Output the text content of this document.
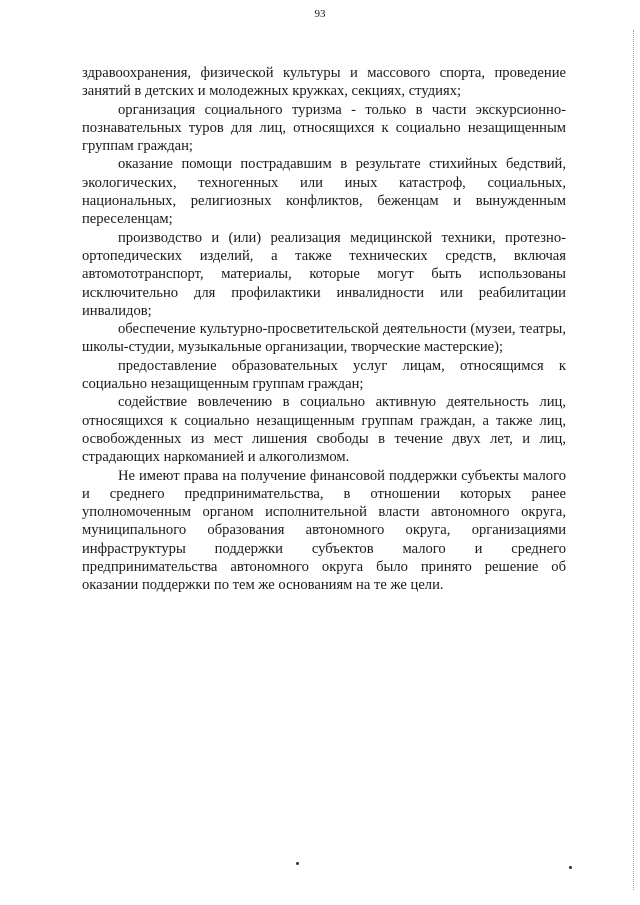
93

здравоохранения, физической культуры и массового спорта, проведение занятий в детских и молодежных кружках, секциях, студиях;

организация социального туризма - только в части экскурсионно-познавательных туров для лиц, относящихся к социально незащищенным группам граждан;

оказание помощи пострадавшим в результате стихийных бедствий, экологических, техногенных или иных катастроф, социальных, национальных, религиозных конфликтов, беженцам и вынужденным переселенцам;

производство и (или) реализация медицинской техники, протезно-ортопедических изделий, а также технических средств, включая автомототранспорт, материалы, которые могут быть использованы исключительно для профилактики инвалидности или реабилитации инвалидов;

обеспечение культурно-просветительской деятельности (музеи, театры, школы-студии, музыкальные организации, творческие мастерские);

предоставление образовательных услуг лицам, относящимся к социально незащищенным группам граждан;

содействие вовлечению в социально активную деятельность лиц, относящихся к социально незащищенным группам граждан, а также лиц, освобожденных из мест лишения свободы в течение двух лет, и лиц, страдающих наркоманией и алкоголизмом.

Не имеют права на получение финансовой поддержки субъекты малого и среднего предпринимательства, в отношении которых ранее уполномоченным органом исполнительной власти автономного округа, муниципального образования автономного округа, организациями инфраструктуры поддержки субъектов малого и среднего предпринимательства автономного округа было принято решение об оказании поддержки по тем же основаниям на те же цели.
